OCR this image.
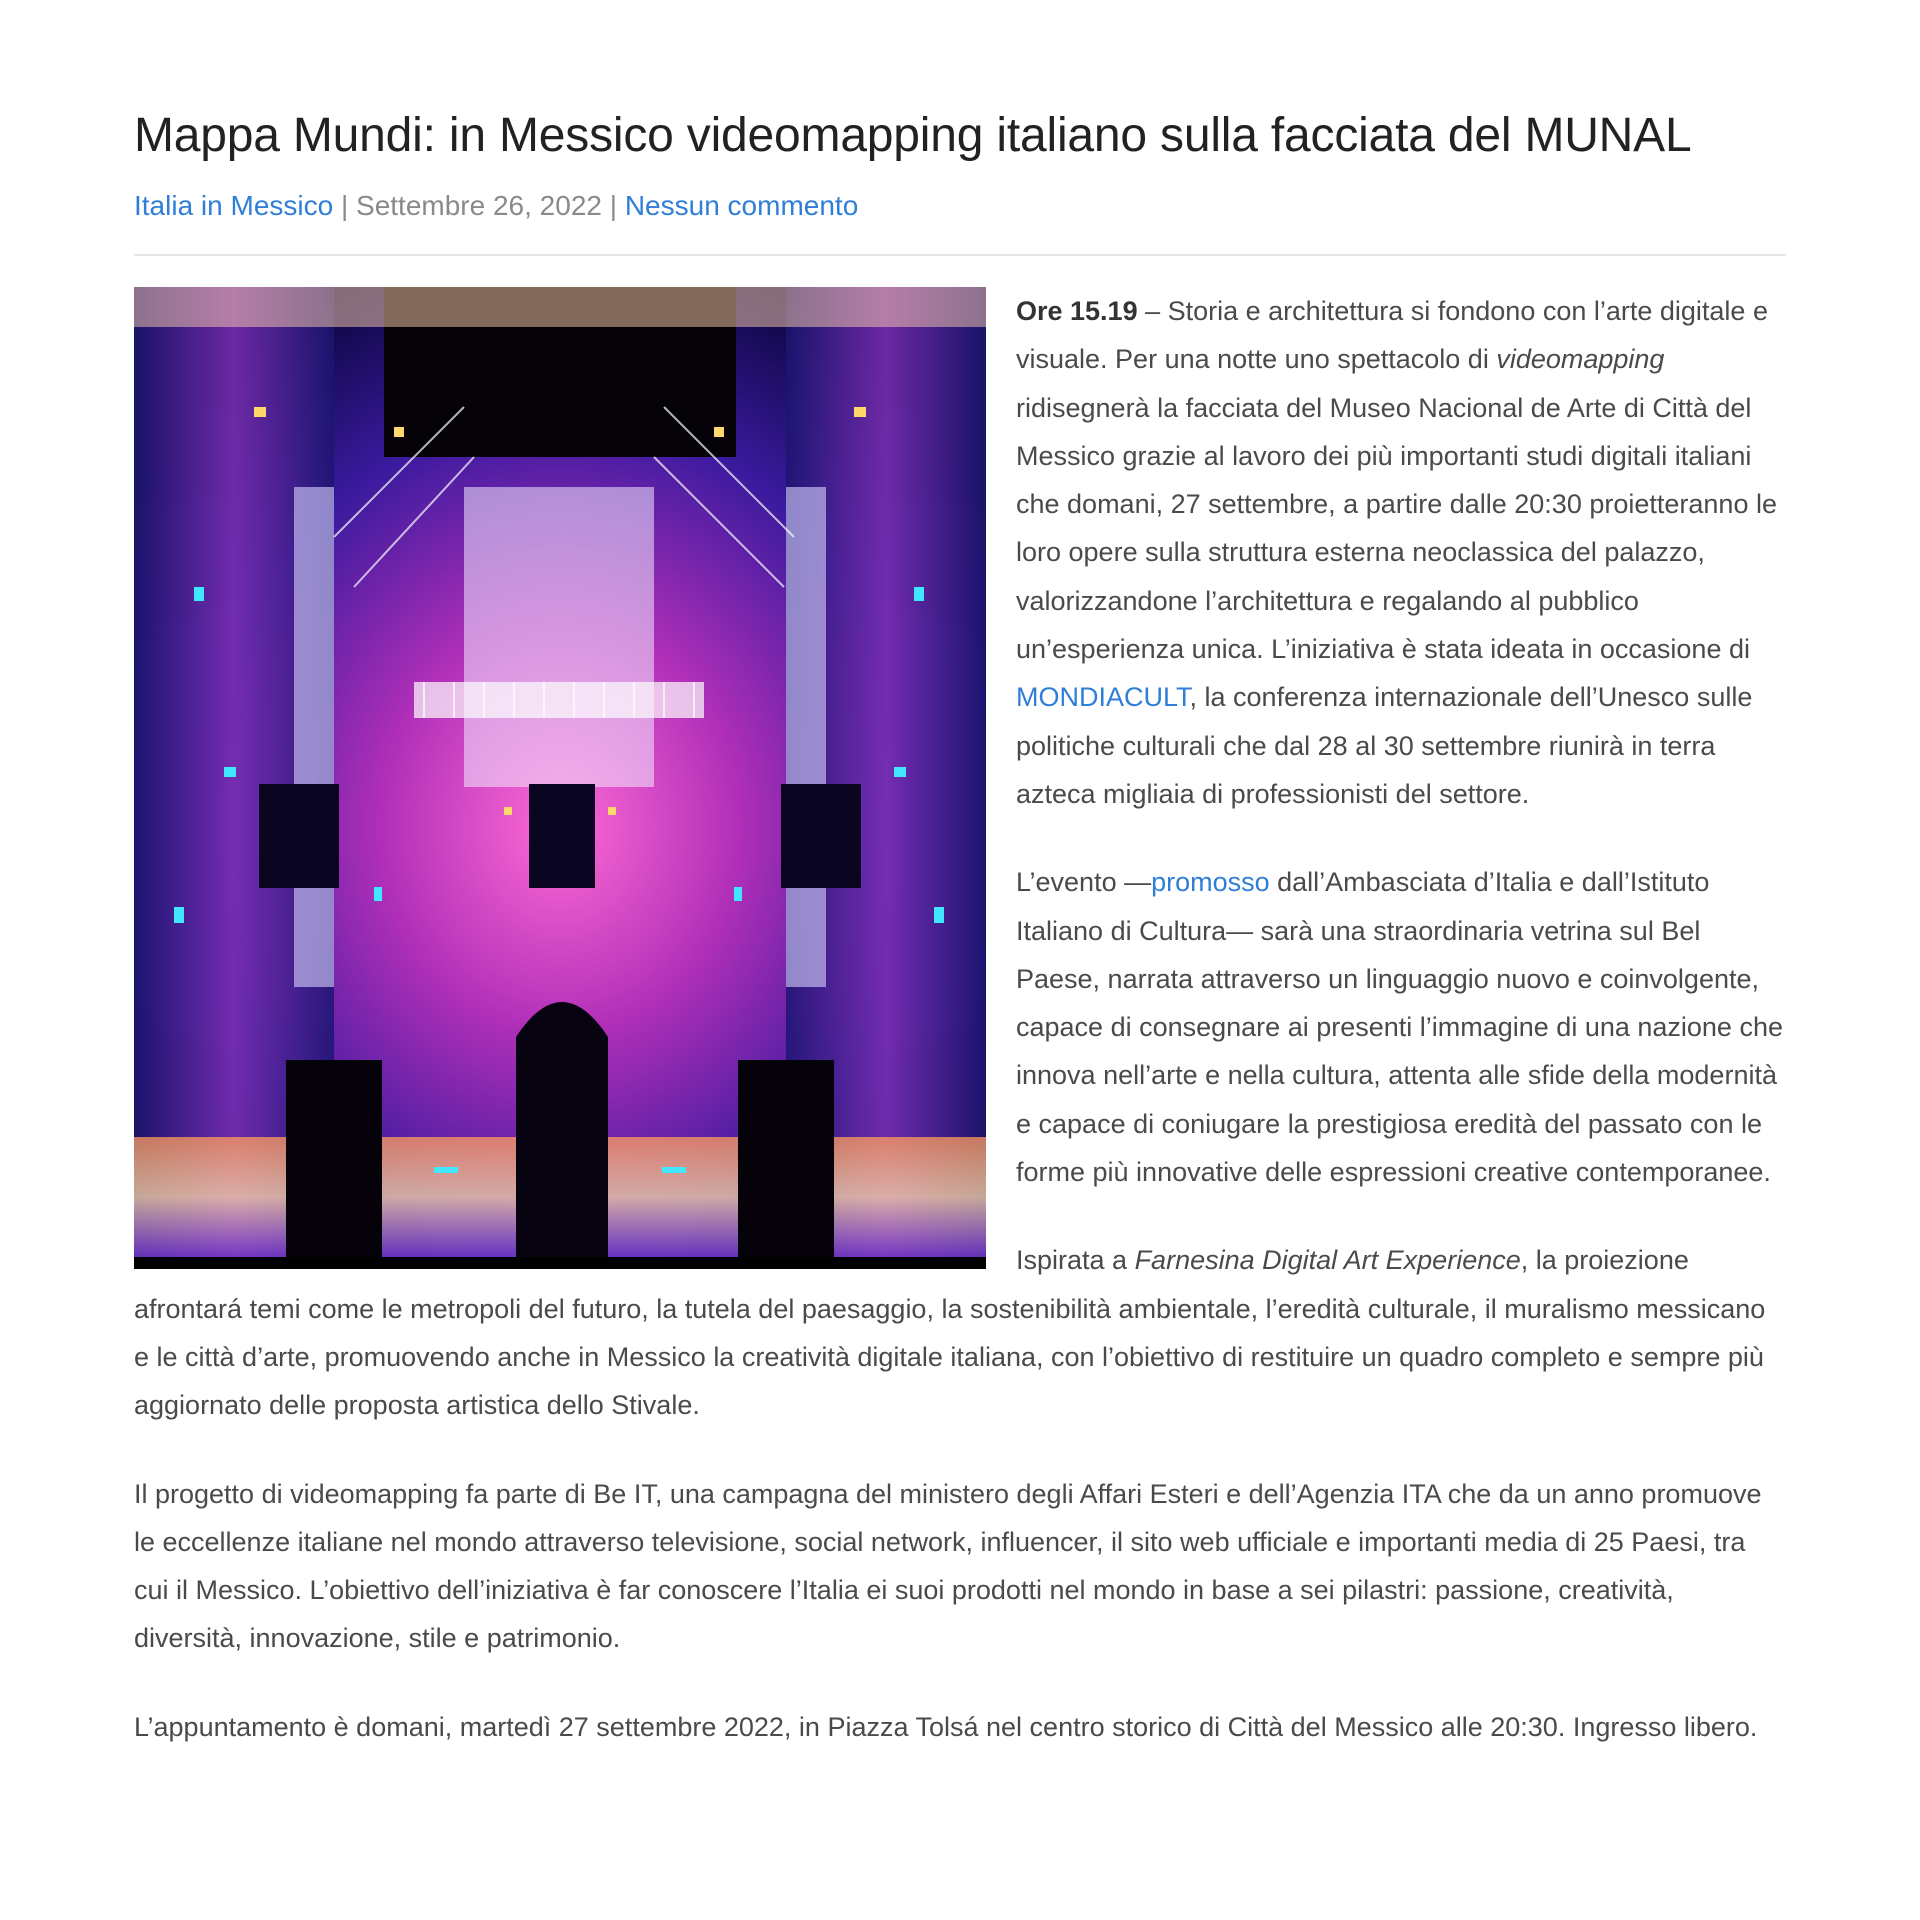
Mappa Mundi: in Messico videomapping italiano sulla facciata del MUNAL
Italia in Messico | Settembre 26, 2022 | Nessun commento

Ore 15.19 – Storia e architettura si fondono con l’arte digitale e visuale. Per una notte uno spettacolo di videomapping ridisegnerà la facciata del Museo Nacional de Arte di Città del Messico grazie al lavoro dei più importanti studi digitali italiani che domani, 27 settembre, a partire dalle 20:30 proietteranno le loro opere sulla struttura esterna neoclassica del palazzo, valorizzandone l’architettura e regalando al pubblico un’esperienza unica. L’iniziativa è stata ideata in occasione di MONDIACULT, la conferenza internazionale dell’Unesco sulle politiche culturali che dal 28 al 30 settembre riunirà in terra azteca migliaia di professionisti del settore.

L’evento —promosso dall’Ambasciata d’Italia e dall’Istituto Italiano di Cultura— sarà una straordinaria vetrina sul Bel Paese, narrata attraverso un linguaggio nuovo e coinvolgente, capace di consegnare ai presenti l’immagine di una nazione che innova nell’arte e nella cultura, attenta alle sfide della modernità e capace di coniugare la prestigiosa eredità del passato con le forme più innovative delle espressioni creative contemporanee.

Ispirata a Farnesina Digital Art Experience, la proiezione afrontará temi come le metropoli del futuro, la tutela del paesaggio, la sostenibilità ambientale, l’eredità culturale, il muralismo messicano e le città d’arte, promuovendo anche in Messico la creatività digitale italiana, con l’obiettivo di restituire un quadro completo e sempre più aggiornato delle proposta artistica dello Stivale.

Il progetto di videomapping fa parte di Be IT, una campagna del ministero degli Affari Esteri e dell’Agenzia ITA che da un anno promuove le eccellenze italiane nel mondo attraverso televisione, social network, influencer, il sito web ufficiale e importanti media di 25 Paesi, tra cui il Messico. L’obiettivo dell’iniziativa è far conoscere l’Italia ei suoi prodotti nel mondo in base a sei pilastri: passione, creatività, diversità, innovazione, stile e patrimonio.

L’appuntamento è domani, martedì 27 settembre 2022, in Piazza Tolsá nel centro storico di Città del Messico alle 20:30. Ingresso libero.
